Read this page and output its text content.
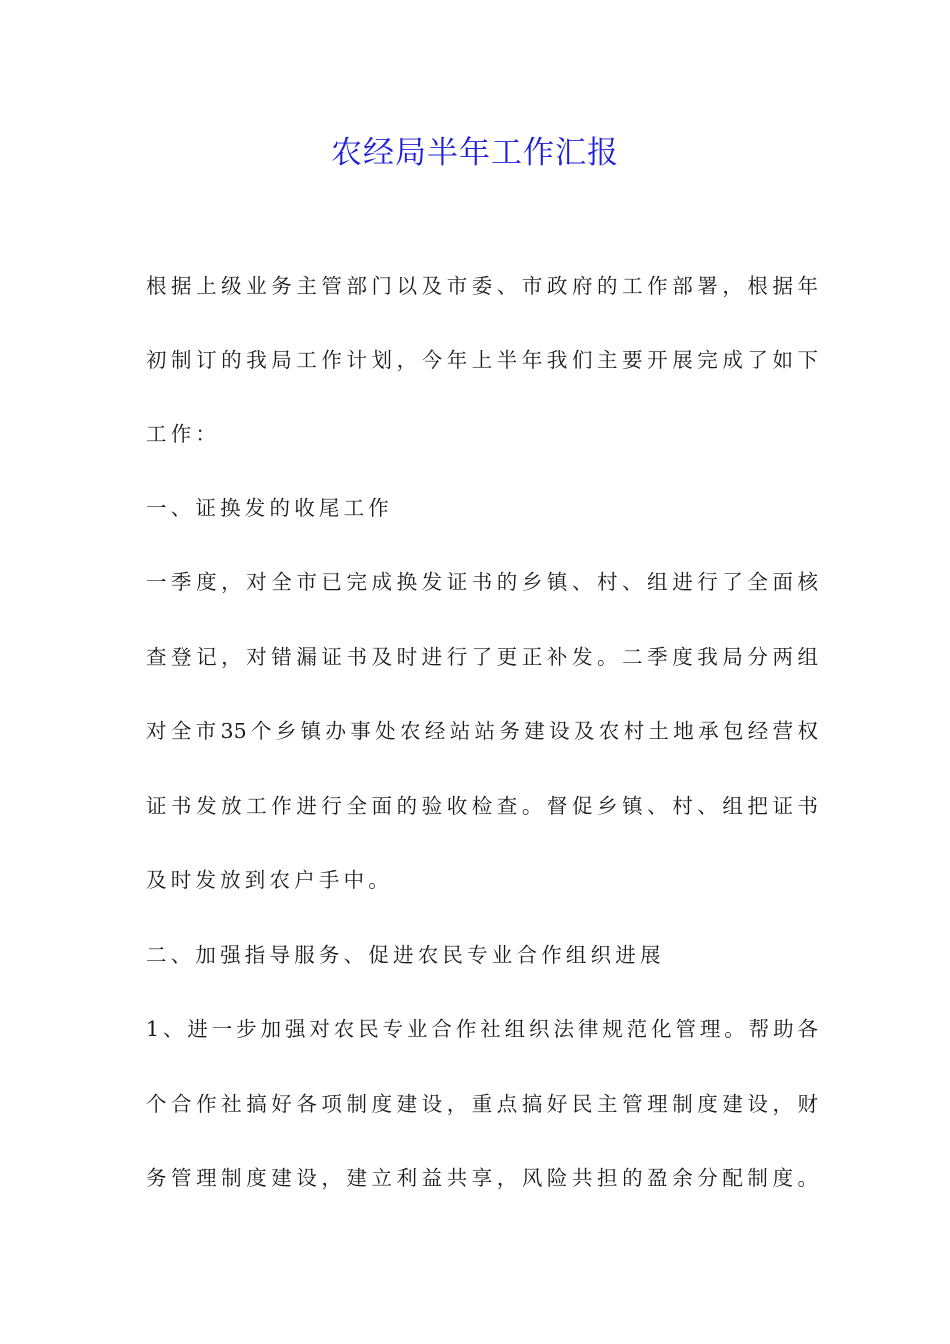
农经局半年工作汇报
根据上级业务主管部门以及市委、市政府的工作部署，根据年
初制订的我局工作计划，今年上半年我们主要开展完成了如下
工作：
一、证换发的收尾工作
一季度，对全市已完成换发证书的乡镇、村、组进行了全面核
查登记，对错漏证书及时进行了更正补发。二季度我局分两组
对全市35个乡镇办事处农经站站务建设及农村土地承包经营权
证书发放工作进行全面的验收检查。督促乡镇、村、组把证书
及时发放到农户手中。
二、加强指导服务、促进农民专业合作组织进展
1、进一步加强对农民专业合作社组织法律规范化管理。帮助各
个合作社搞好各项制度建设，重点搞好民主管理制度建设，财
务管理制度建设，建立利益共享，风险共担的盈余分配制度。
